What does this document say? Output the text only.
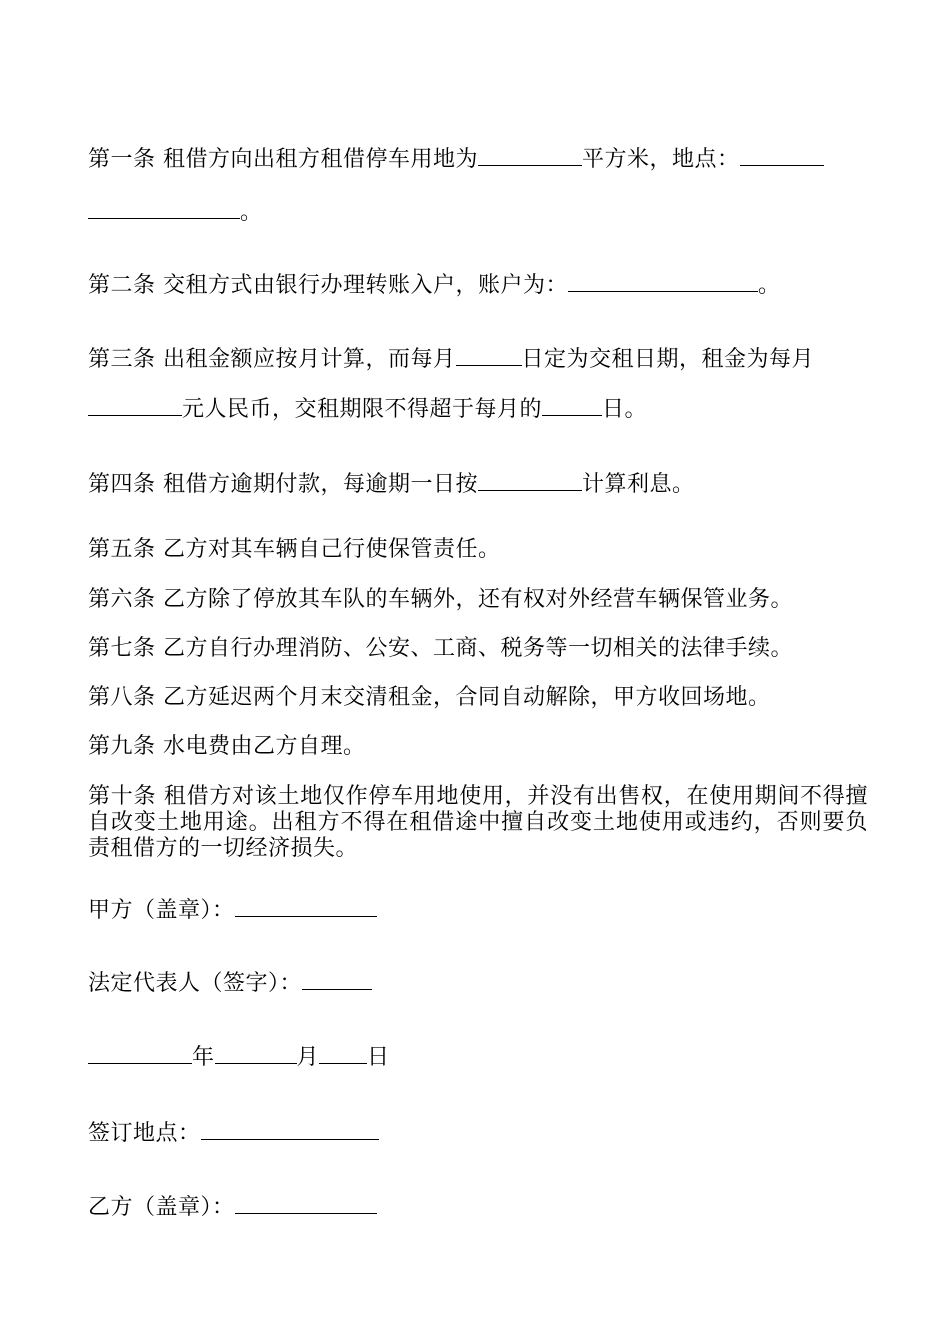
第一条 租借方向出租方租借停车用地为	平方米，地点：
。
第二条 交租方式由银行办理转账入户，账户为：	。
第三条 出租金额应按月计算，而每月	日定为交租日期，租金为每月
元人民币，交租期限不得超于每月的	日。
第四条 租借方逾期付款，每逾期一日按	计算利息。
第五条 乙方对其车辆自己行使保管责任。
第六条 乙方除了停放其车队的车辆外，还有权对外经营车辆保管业务。
第七条 乙方自行办理消防、公安、工商、税务等一切相关的法律手续。
第八条 乙方延迟两个月末交清租金，合同自动解除，甲方收回场地。
第九条 水电费由乙方自理。
第十条 租借方对该土地仅作停车用地使用，并没有出售权，在使用期间不得擅自改变土地用途。出租方不得在租借途中擅自改变土地使用或违约，否则要负责租借方的一切经济损失。
甲方（盖章）：
法定代表人（签字）：
年	月 日
签订地点：
乙方（盖章）：
